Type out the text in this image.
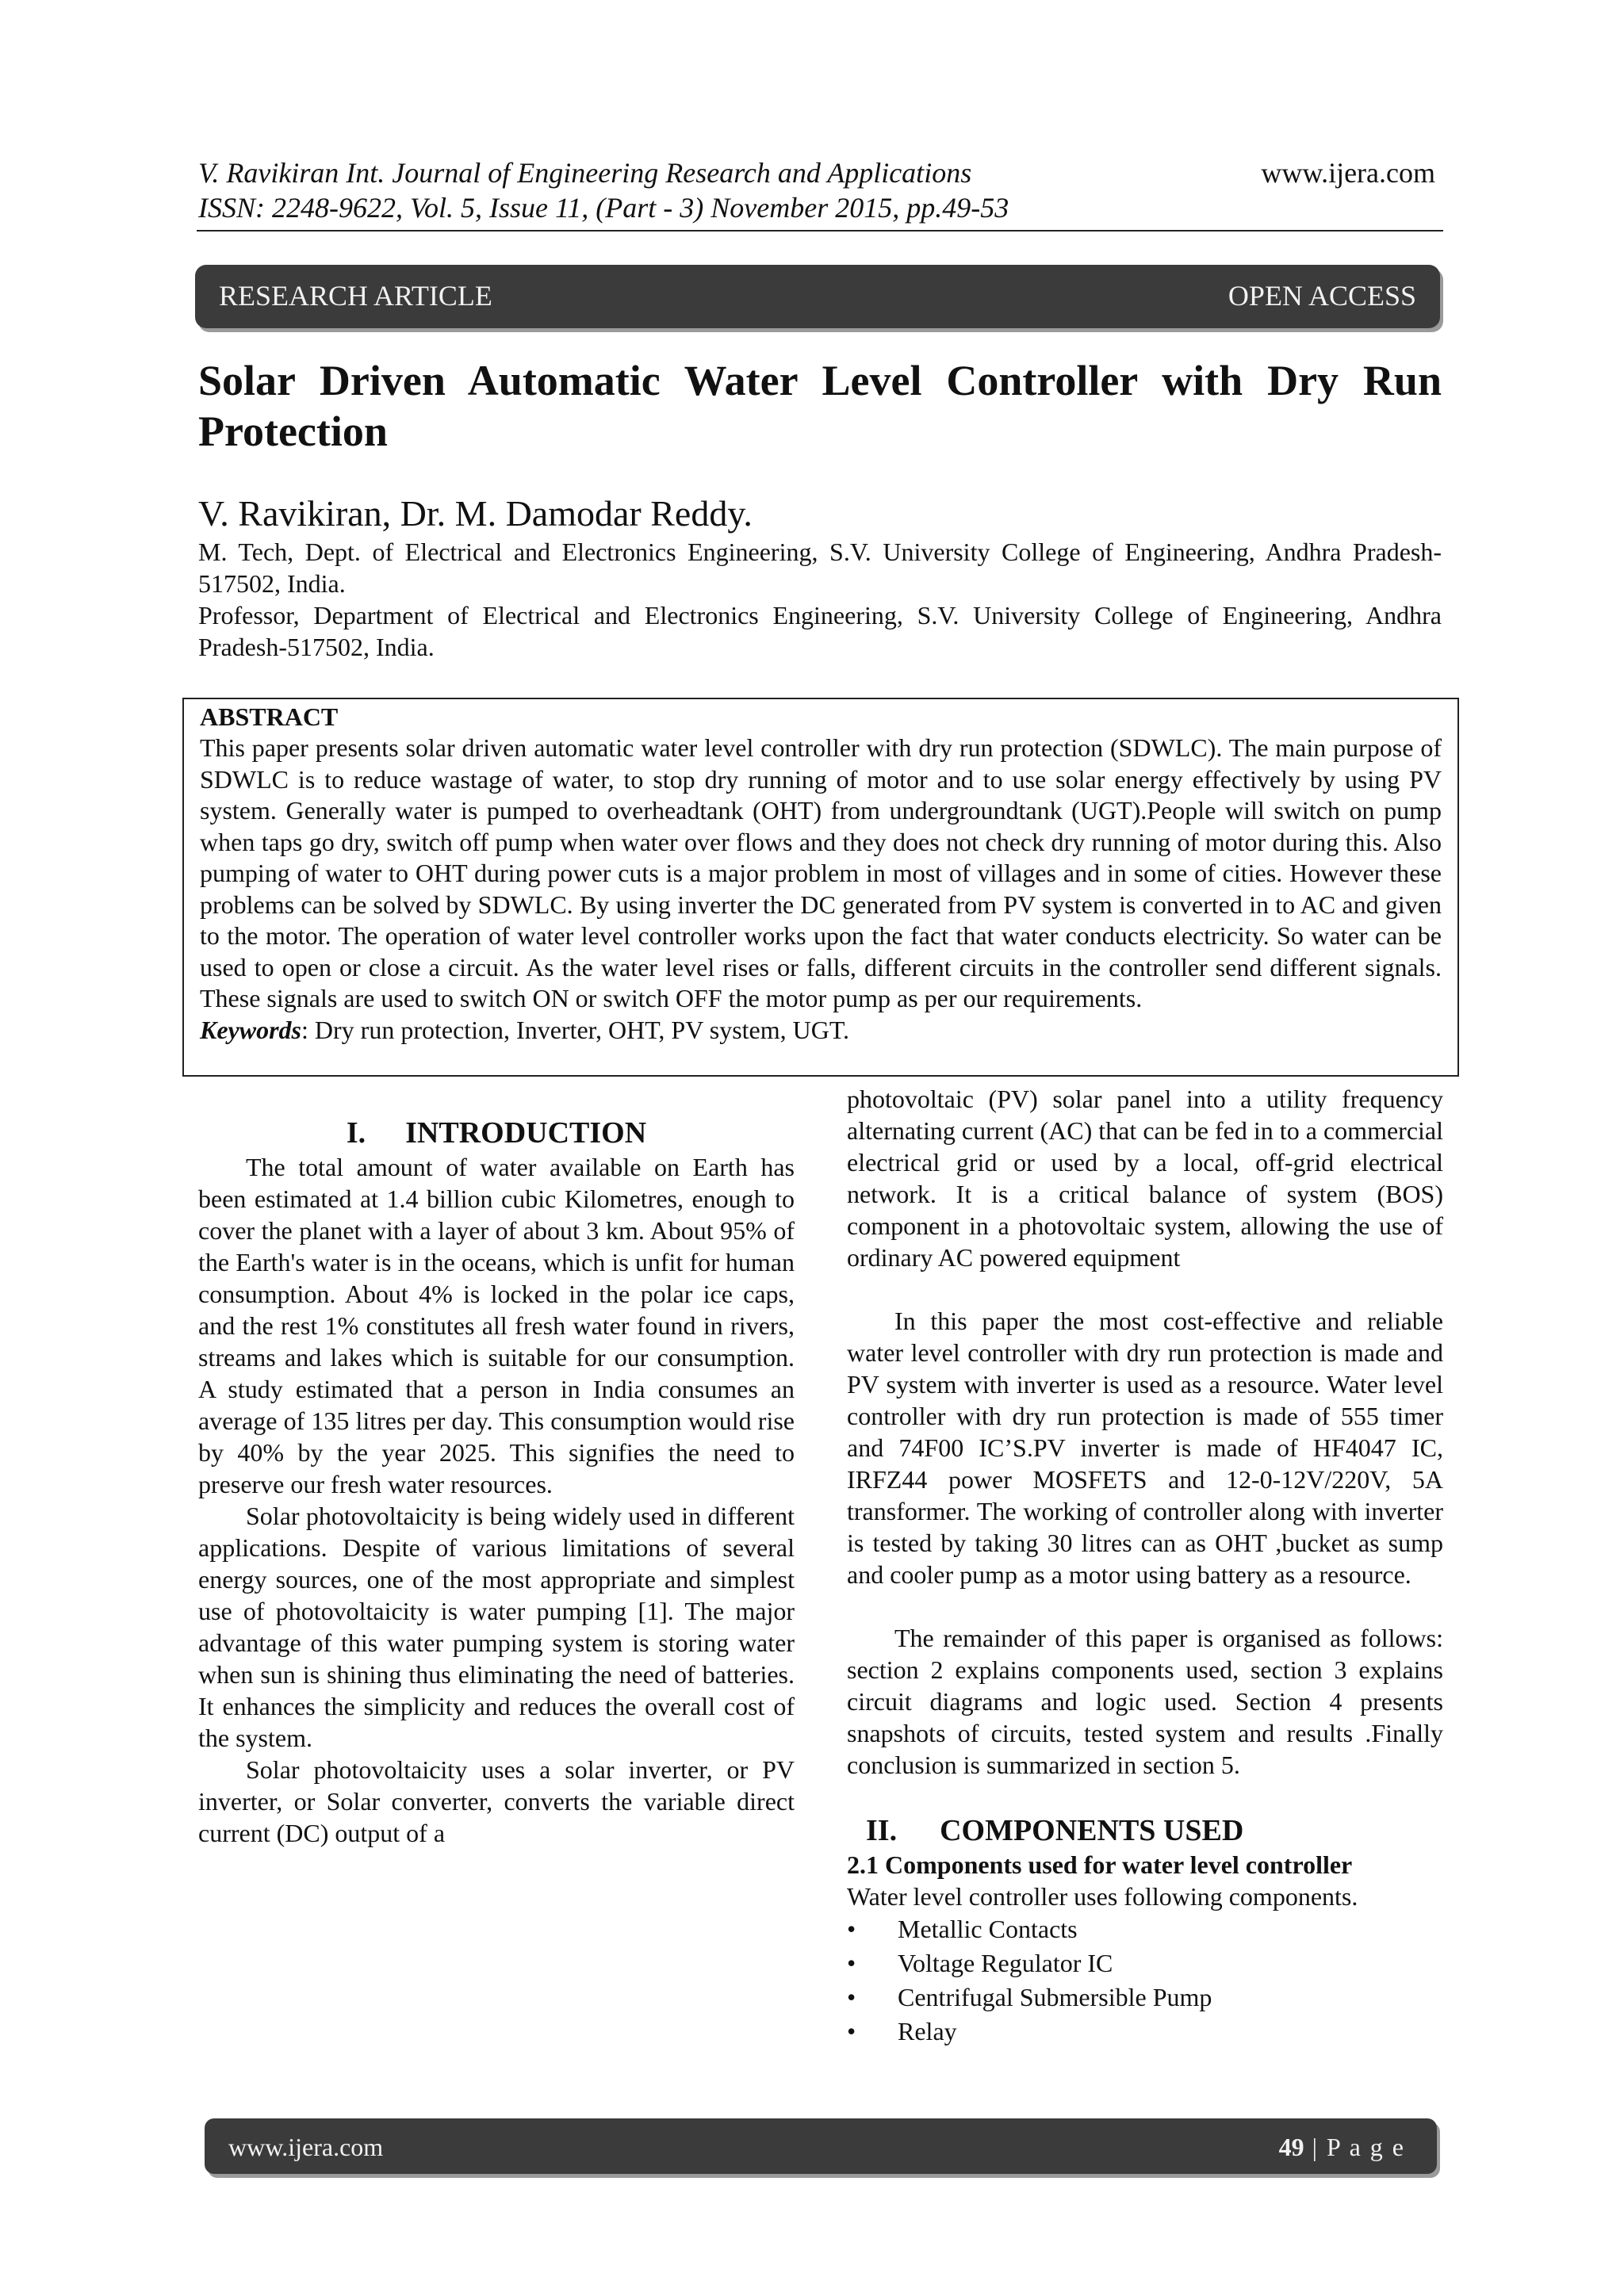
V. Ravikiran Int. Journal of Engineering Research and Applications
ISSN: 2248-9622, Vol. 5, Issue 11, (Part - 3) November 2015, pp.49-53
www.ijera.com
RESEARCH ARTICLE	OPEN ACCESS
Solar Driven Automatic Water Level Controller with Dry Run Protection
V. Ravikiran, Dr. M. Damodar Reddy.
M. Tech, Dept. of Electrical and Electronics Engineering, S.V. University College of Engineering, Andhra Pradesh-517502, India.
Professor, Department of Electrical and Electronics Engineering, S.V. University College of Engineering, Andhra Pradesh-517502, India.

ABSTRACT

This paper presents solar driven automatic water level controller with dry run protection (SDWLC). The main purpose of SDWLC is to reduce wastage of water, to stop dry running of motor and to use solar energy effectively by using PV system. Generally water is pumped to overheadtank (OHT) from undergroundtank (UGT).People will switch on pump when taps go dry, switch off pump when water over flows and they does not check dry running of motor during this. Also pumping of water to OHT during power cuts is a major problem in most of villages and in some of cities. However these problems can be solved by SDWLC. By using inverter the DC generated from PV system is converted in to AC and given to the motor. The operation of water level controller works upon the fact that water conducts electricity. So water can be used to open or close a circuit. As the water level rises or falls, different circuits in the controller send different signals. These signals are used to switch ON or switch OFF the motor pump as per our requirements.

Keywords: Dry run protection, Inverter, OHT, PV system, UGT.

I. INTRODUCTION

The total amount of water available on Earth has been estimated at 1.4 billion cubic Kilometres, enough to cover the planet with a layer of about 3 km. About 95% of the Earth's water is in the oceans, which is unfit for human consumption. About 4% is locked in the polar ice caps, and the rest 1% constitutes all fresh water found in rivers, streams and lakes which is suitable for our consumption. A study estimated that a person in India consumes an average of 135 litres per day. This consumption would rise by 40% by the year 2025. This signifies the need to preserve our fresh water resources.

Solar photovoltaicity is being widely used in different applications. Despite of various limitations of several energy sources, one of the most appropriate and simplest use of photovoltaicity is water pumping [1]. The major advantage of this water pumping system is storing water when sun is shining thus eliminating the need of batteries. It enhances the simplicity and reduces the overall cost of the system.

Solar photovoltaicity uses a solar inverter, or PV inverter, or Solar converter, converts the variable direct current (DC) output of a

photovoltaic (PV) solar panel into a utility frequency alternating current (AC) that can be fed in to a commercial electrical grid or used by a local, off-grid electrical network. It is a critical balance of system (BOS) component in a photovoltaic system, allowing the use of ordinary AC powered equipment

In this paper the most cost-effective and reliable water level controller with dry run protection is made and PV system with inverter is used as a resource. Water level controller with dry run protection is made of 555 timer and 74F00 IC’S.PV inverter is made of HF4047 IC, IRFZ44 power MOSFETS and 12-0-12V/220V, 5A transformer. The working of controller along with inverter is tested by taking 30 litres can as OHT ,bucket as sump and cooler pump as a motor using battery as a resource.

The remainder of this paper is organised as follows: section 2 explains components used, section 3 explains circuit diagrams and logic used. Section 4 presents snapshots of circuits, tested system and results .Finally conclusion is summarized in section 5.

II. COMPONENTS USED

2.1 Components used for water level controller

Water level controller uses following components.

• Metallic Contacts
• Voltage Regulator IC
• Centrifugal Submersible Pump
• Relay
www.ijera.com	49 | P a g e
